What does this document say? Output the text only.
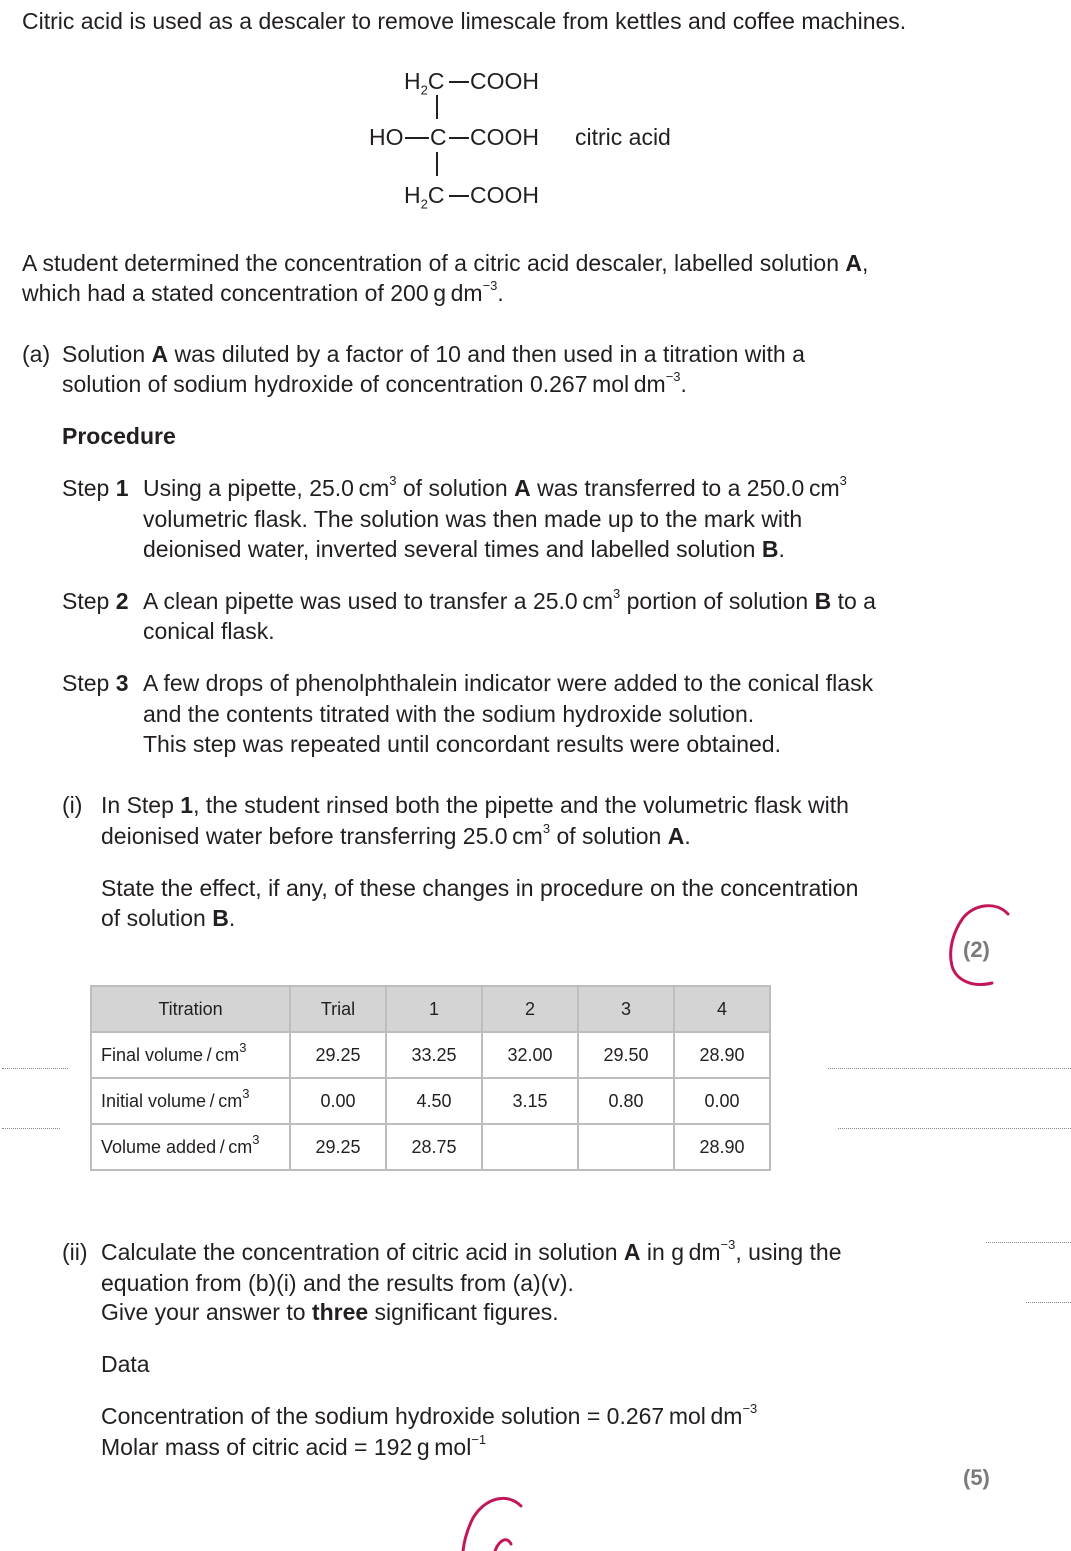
Citric acid is used as a descaler to remove limescale from kettles and coffee machines.
$H_2C$ COOH
HO C COOH citric acid
$H_2C$ COOH
A student determined the concentration of a citric acid descaler, labelled solution A,
which had a stated concentration of 200 g $dm^{-3}$.
(a) Solution A was diluted by a factor of 10 and then used in a titration with a
solution of sodium hydroxide of concentration 0.267 mol $dm^{-3}$.
Procedure
Step 1 Using a pipette, 25.0 $cm^3$ of solution A was transferred to a 250.0 $cm^3$
volumetric flask. The solution was then made up to the mark with
deionised water, inverted several times and labelled solution B.
Step 2 A clean pipette was used to transfer a 25.0 $cm^3$ portion of solution B to a
conical flask.
Step 3 A few drops of phenolphthalein indicator were added to the conical flask
and the contents titrated with the sodium hydroxide solution.
This step was repeated until concordant results were obtained.
(i) In Step 1, the student rinsed both the pipette and the volumetric flask with
deionised water before transferring 25.0 $cm^3$ of solution A.
State the effect, if any, of these changes in procedure on the concentration
of solution B.
(2)
Titration	Trial	1	2	3	4
Final volume / $cm^3$	29.25	33.25	32.00	29.50	28.90
Initial volume / $cm^3$	0.00	4.50	3.15	0.80	0.00
Volume added / $cm^3$	29.25	28.75			28.90
(ii) Calculate the concentration of citric acid in solution A in g $dm^{-3}$, using the
equation from (b)(i) and the results from (a)(v).
Give your answer to three significant figures.
Data
Concentration of the sodium hydroxide solution = 0.267 mol $dm^{-3}$
Molar mass of citric acid = 192 g mol$^{-1}$
(5)
